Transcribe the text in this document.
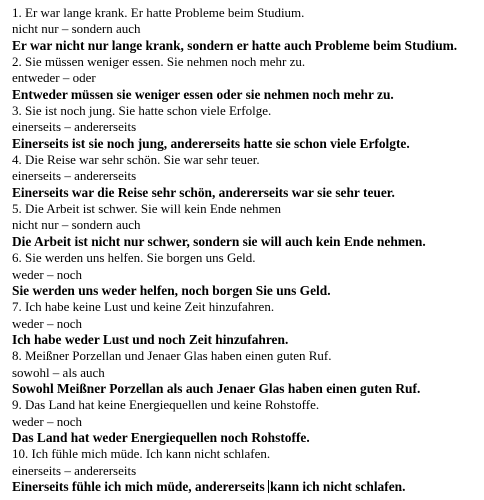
1. Er war lange krank. Er hatte Probleme beim Studium.
nicht nur – sondern auch
Er war nicht nur lange krank, sondern er hatte auch Probleme beim Studium.
2. Sie müssen weniger essen. Sie nehmen noch mehr zu.
entweder – oder
Entweder müssen sie weniger essen oder sie nehmen noch mehr zu.
3. Sie ist noch jung. Sie hatte schon viele Erfolge.
einerseits – andererseits
Einerseits ist sie noch jung, andererseits hatte sie schon viele Erfolgte.
4. Die Reise war sehr schön. Sie war sehr teuer.
einerseits – andererseits
Einerseits war die Reise sehr schön, andererseits war sie sehr teuer.
5. Die Arbeit ist schwer. Sie will kein Ende nehmen
nicht nur – sondern auch
Die Arbeit ist nicht nur schwer, sondern sie will auch kein Ende nehmen.
6. Sie werden uns helfen. Sie borgen uns Geld.
weder – noch
Sie werden uns weder helfen, noch borgen Sie uns Geld.
7. Ich habe keine Lust und keine Zeit hinzufahren.
weder – noch
Ich habe weder Lust und noch Zeit hinzufahren.
8. Meißner Porzellan und Jenaer Glas haben einen guten Ruf.
sowohl – als auch
Sowohl Meißner Porzellan als auch Jenaer Glas haben einen guten Ruf.
9. Das Land hat keine Energiequellen und keine Rohstoffe.
weder – noch
Das Land hat weder Energiequellen noch Rohstoffe.
10. Ich fühle mich müde. Ich kann nicht schlafen.
einerseits – andererseits
Einerseits fühle ich mich müde, andererseits kann ich nicht schlafen.
